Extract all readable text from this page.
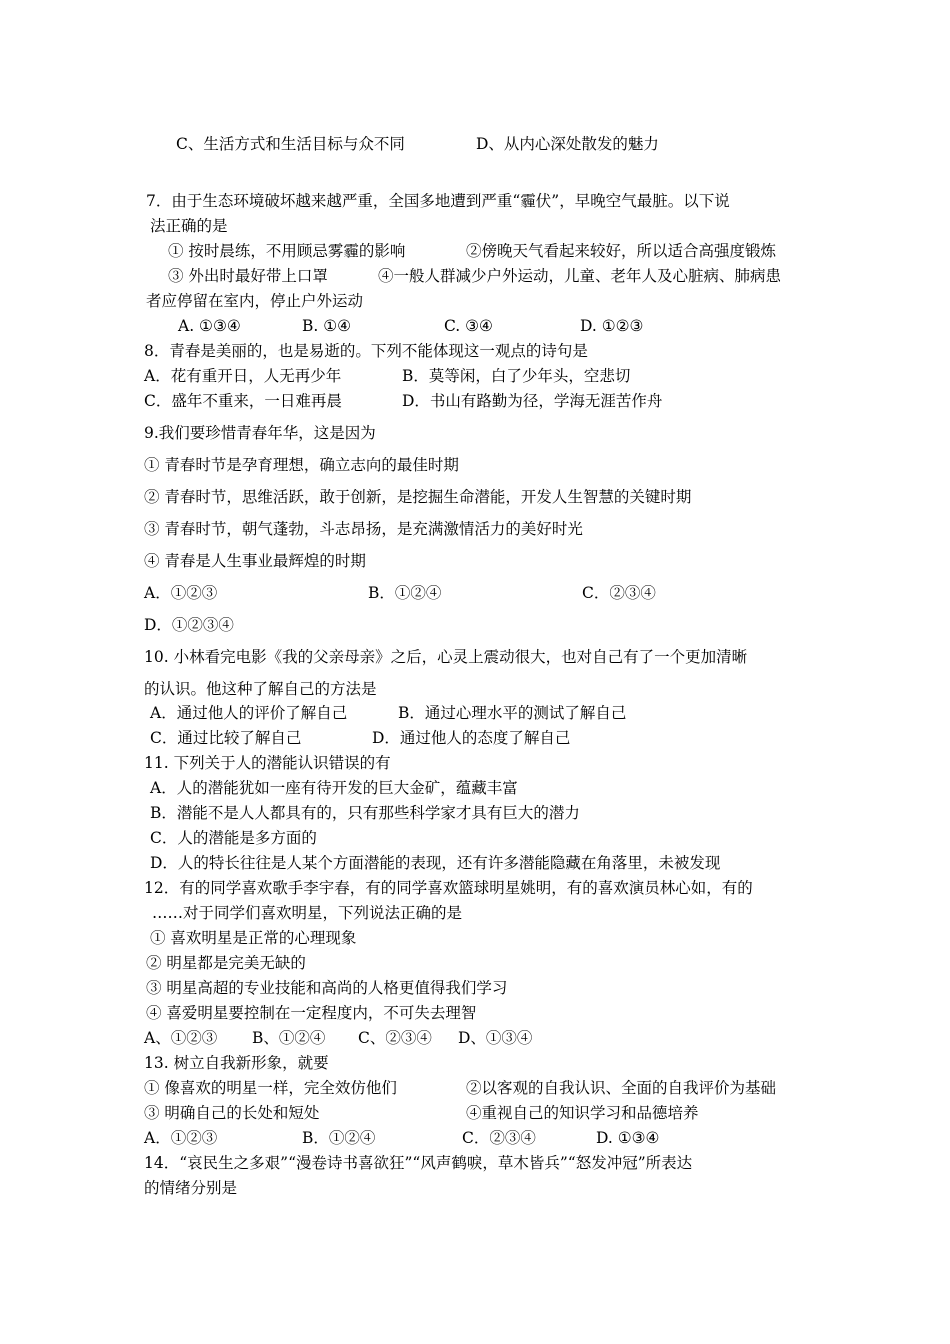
C、生活方式和生活目标与众不同	D、从内心深处散发的魅力
7．由于生态环境破坏越来越严重，全国多地遭到严重“霾伏”，早晚空气最脏。以下说
法正确的是
① 按时晨练，不用顾忌雾霾的影响	②傍晚天气看起来较好，所以适合高强度锻炼
③ 外出时最好带上口罩	④一般人群减少户外运动，儿童、老年人及心脏病、肺病患
者应停留在室内，停止户外运动
A. ①③④	B. ①④	C. ③④	D. ①②③
8．青春是美丽的，也是易逝的。下列不能体现这一观点的诗句是
A．花有重开日，人无再少年	B．莫等闲，白了少年头，空悲切
C．盛年不重来，一日难再晨	D．书山有路勤为径，学海无涯苦作舟
9.我们要珍惜青春年华，这是因为
① 青春时节是孕育理想，确立志向的最佳时期
② 青春时节，思维活跃，敢于创新，是挖掘生命潜能，开发人生智慧的关键时期
③ 青春时节，朝气蓬勃，斗志昂扬，是充满激情活力的美好时光
④ 青春是人生事业最辉煌的时期
A．①②③	B．①②④	C．②③④
D．①②③④
10. 小林看完电影《我的父亲母亲》之后，心灵上震动很大，也对自己有了一个更加清晰
的认识。他这种了解自己的方法是
A．通过他人的评价了解自己	B．通过心理水平的测试了解自己
C．通过比较了解自己	D．通过他人的态度了解自己
11. 下列关于人的潜能认识错误的有
A．人的潜能犹如一座有待开发的巨大金矿，蕴藏丰富
B．潜能不是人人都具有的，只有那些科学家才具有巨大的潜力
C．人的潜能是多方面的
D．人的特长往往是人某个方面潜能的表现，还有许多潜能隐藏在角落里，未被发现
12．有的同学喜欢歌手李宇春，有的同学喜欢篮球明星姚明，有的喜欢演员林心如，有的
……对于同学们喜欢明星，下列说法正确的是
① 喜欢明星是正常的心理现象
② 明星都是完美无缺的
③ 明星高超的专业技能和高尚的人格更值得我们学习
④ 喜爱明星要控制在一定程度内，不可失去理智
A、①②③ B、①②④ C、②③④ D、①③④
13. 树立自我新形象，就要
① 像喜欢的明星一样，完全效仿他们	②以客观的自我认识、全面的自我评价为基础
③ 明确自己的长处和短处	④重视自己的知识学习和品德培养
A．①②③	B．①②④	C．②③④	D. ①③④
14．“哀民生之多艰”“漫卷诗书喜欲狂”“风声鹤唳，草木皆兵”“怒发冲冠”所表达
的情绪分别是
